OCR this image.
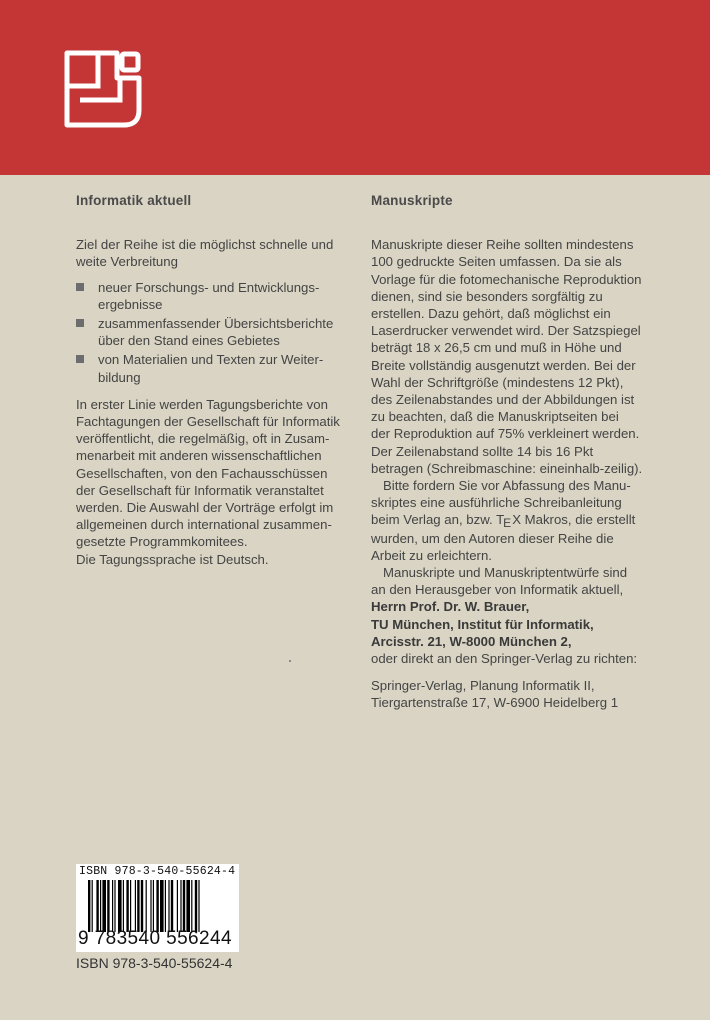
Informatik aktuell

Ziel der Reihe ist die möglichst schnelle und
weite Verbreitung

neuer Forschungs- und Entwicklungs-
ergebnisse
zusammenfassender Übersichtsberichte
über den Stand eines Gebietes
von Materialien und Texten zur Weiter-
bildung

In erster Linie werden Tagungsberichte von
Fachtagungen der Gesellschaft für Informatik
veröffentlicht, die regelmäßig, oft in Zusam-
menarbeit mit anderen wissenschaftlichen
Gesellschaften, von den Fachausschüssen
der Gesellschaft für Informatik veranstaltet
werden. Die Auswahl der Vorträge erfolgt im
allgemeinen durch international zusammen-
gesetzte Programmkomitees.
Die Tagungssprache ist Deutsch.

Manuskripte

Manuskripte dieser Reihe sollten mindestens
100 gedruckte Seiten umfassen. Da sie als
Vorlage für die fotomechanische Reproduktion
dienen, sind sie besonders sorgfältig zu
erstellen. Dazu gehört, daß möglichst ein
Laserdrucker verwendet wird. Der Satzspiegel
beträgt 18 x 26,5 cm und muß in Höhe und
Breite vollständig ausgenutzt werden. Bei der
Wahl der Schriftgröße (mindestens 12 Pkt),
des Zeilenabstandes und der Abbildungen ist
zu beachten, daß die Manuskriptseiten bei
der Reproduktion auf 75% verkleinert werden.
Der Zeilenabstand sollte 14 bis 16 Pkt
betragen (Schreibmaschine: eineinhalb-zeilig).

Bitte fordern Sie vor Abfassung des Manu-
skriptes eine ausführliche Schreibanleitung
beim Verlag an, bzw. TEX Makros, die erstellt
wurden, um den Autoren dieser Reihe die
Arbeit zu erleichtern.

Manuskripte und Manuskriptentwürfe sind
an den Herausgeber von Informatik aktuell,

Herrn Prof. Dr. W. Brauer,
TU München, Institut für Informatik,
Arcisstr. 21, W-8000 München 2,

oder direkt an den Springer-Verlag zu richten:

Springer-Verlag, Planung Informatik II,
Tiergartenstraße 17, W-6900 Heidelberg 1

ISBN 978-3-540-55624-4
9 783540 556244
ISBN 978-3-540-55624-4
